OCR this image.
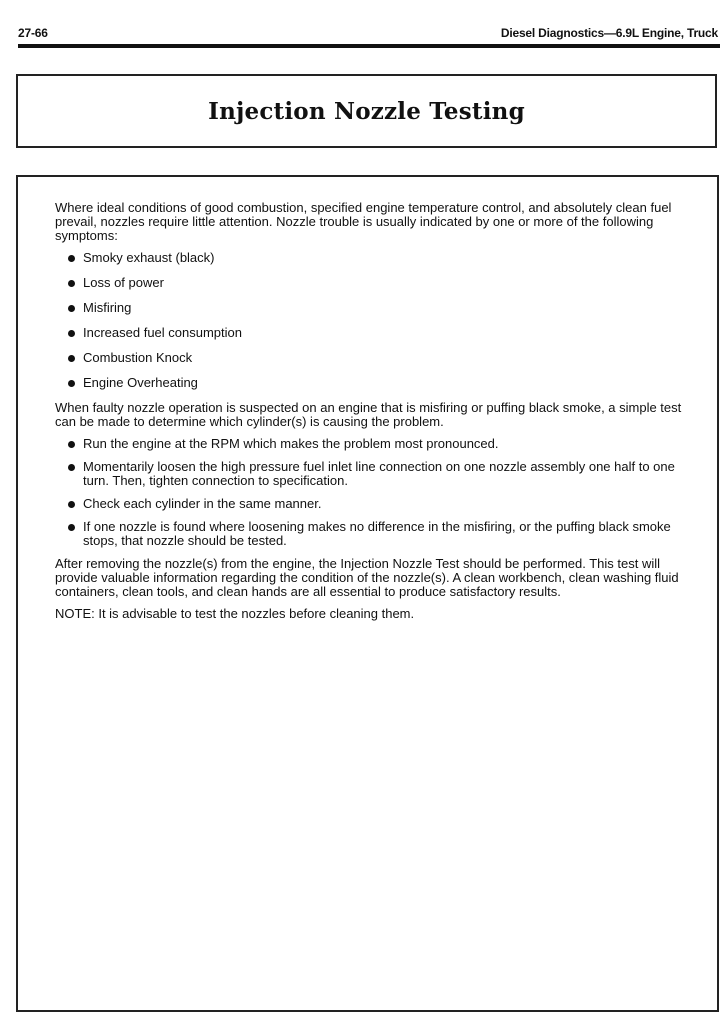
27-66	Diesel Diagnostics—6.9L Engine, Truck
Injection Nozzle Testing

Where ideal conditions of good combustion, specified engine temperature control, and absolutely clean fuel prevail, nozzles require little attention. Nozzle trouble is usually indicated by one or more of the following symptoms:

Smoky exhaust (black)
Loss of power
Misfiring
Increased fuel consumption
Combustion Knock
Engine Overheating

When faulty nozzle operation is suspected on an engine that is misfiring or puffing black smoke, a simple test can be made to determine which cylinder(s) is causing the problem.

Run the engine at the RPM which makes the problem most pronounced.
Momentarily loosen the high pressure fuel inlet line connection on one nozzle assembly one half to one turn. Then, tighten connection to specification.
Check each cylinder in the same manner.
If one nozzle is found where loosening makes no difference in the misfiring, or the puffing black smoke stops, that nozzle should be tested.

After removing the nozzle(s) from the engine, the Injection Nozzle Test should be performed. This test will provide valuable information regarding the condition of the nozzle(s). A clean workbench, clean washing fluid containers, clean tools, and clean hands are all essential to produce satisfactory results.

NOTE: It is advisable to test the nozzles before cleaning them.
